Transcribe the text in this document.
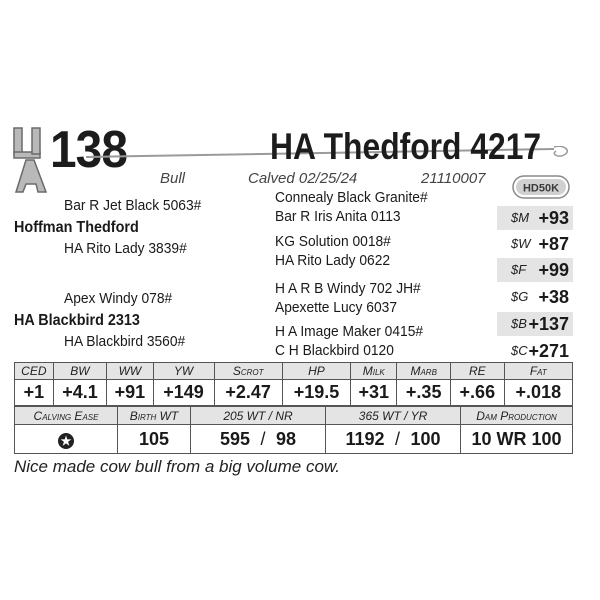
138	HA Thedford 4217
Bull	Calved 02/25/24	21110007
HD50K
Bar R Jet Black 5063#
Hoffman Thedford
HA Rito Lady 3839#
Apex Windy 078#
HA Blackbird 2313
HA Blackbird 3560#
Connealy Black Granite#
Bar R Iris Anita 0113
KG Solution 0018#
HA Rito Lady 0622
H A R B Windy 702 JH#
Apexette Lucy 6037
H A Image Maker 0415#
C H Blackbird 0120
$M +93
$W +87
$F +99
$G +38
$B +137
$C +271
CED	BW	WW	YW	Scrot	HP	Milk	Marb	RE	Fat
+1	+4.1	+91	+149	+2.47	+19.5	+31	+.35	+.66	+.018
Calving Ease	Birth WT	205 WT / NR	365 WT / YR	Dam Production
★	105	595 / 98	1192 / 100	10 WR 100
Nice made cow bull from a big volume cow.
